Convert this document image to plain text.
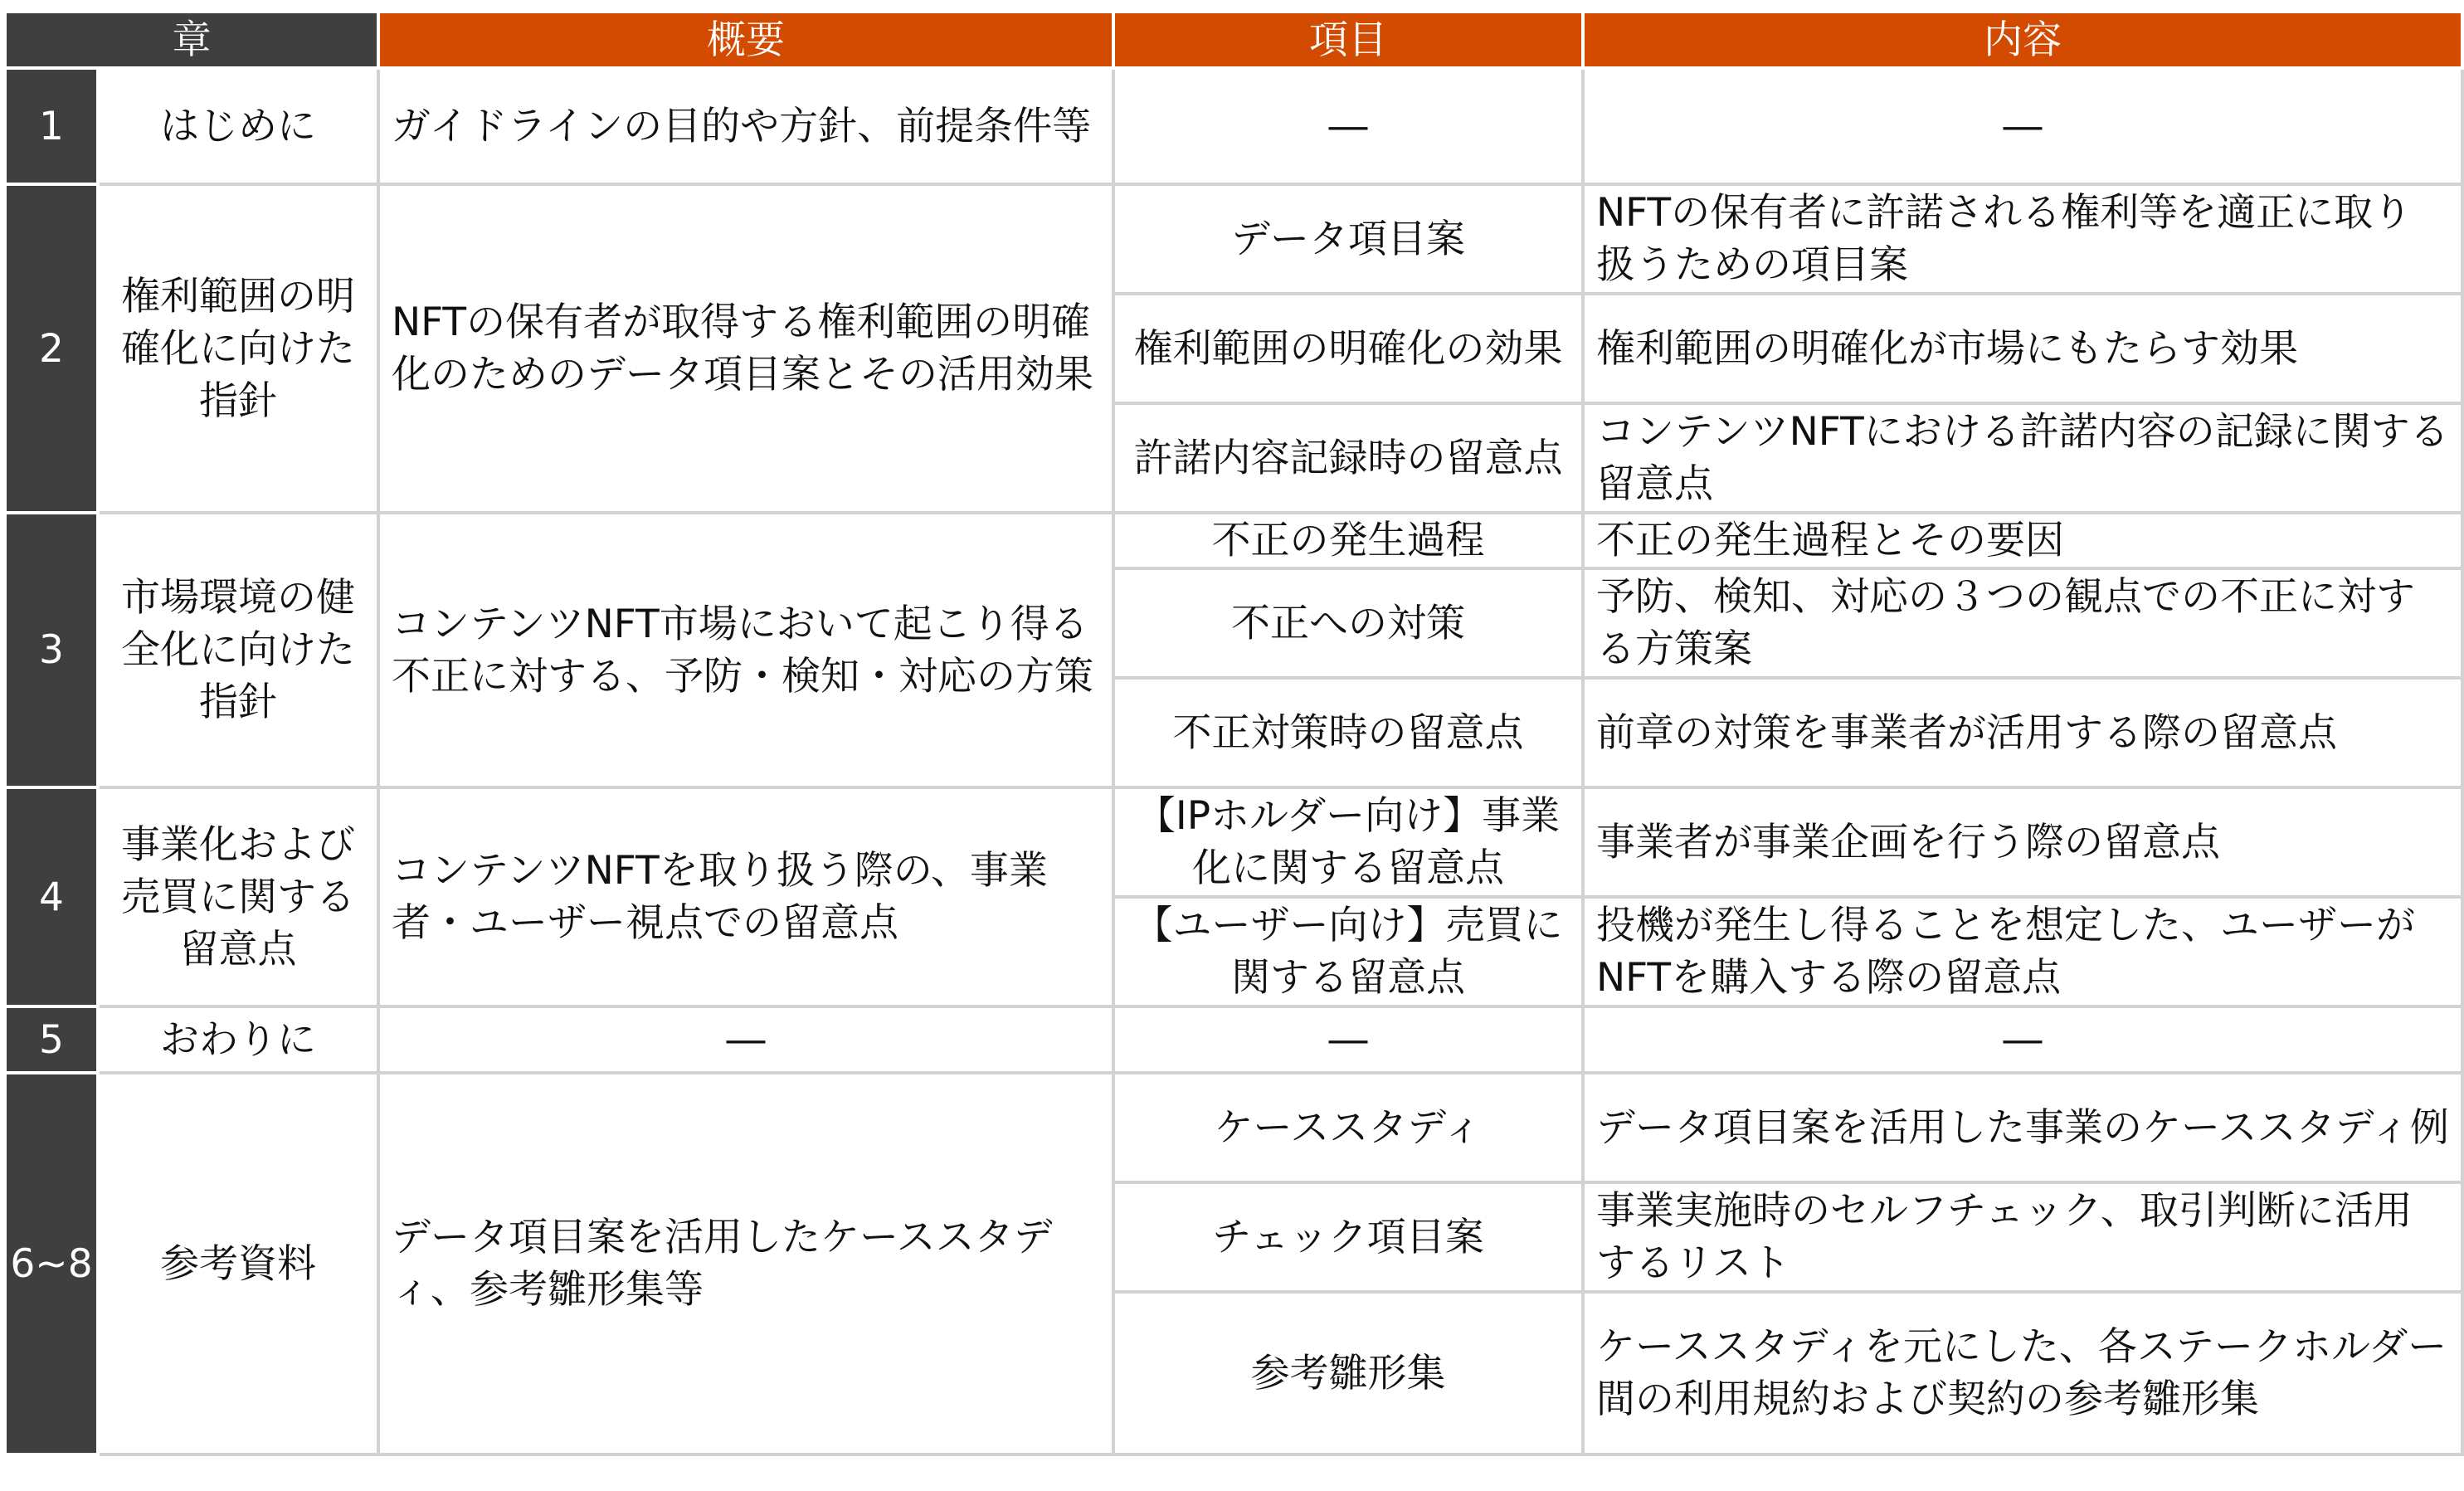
章		概要	項目	内容
1	はじめに	ガイドラインの目的や方針、前提条件等	―	―
2	権利範囲の明確化に向けた指針	NFTの保有者が取得する権利範囲の明確化のためのデータ項目案とその活用効果	データ項目案	NFTの保有者に許諾される権利等を適正に取り扱うための項目案
			権利範囲の明確化の効果	権利範囲の明確化が市場にもたらす効果
			許諾内容記録時の留意点	コンテンツNFTにおける許諾内容の記録に関する留意点
3	市場環境の健全化に向けた指針	コンテンツNFT市場において起こり得る不正に対する、予防・検知・対応の方策	不正の発生過程	不正の発生過程とその要因
			不正への対策	予防、検知、対応の３つの観点での不正に対する方策案
			不正対策時の留意点	前章の対策を事業者が活用する際の留意点
4	事業化および売買に関する留意点	コンテンツNFTを取り扱う際の、事業者・ユーザー視点での留意点	【IPホルダー向け】事業化に関する留意点	事業者が事業企画を行う際の留意点
			【ユーザー向け】売買に関する留意点	投機が発生し得ることを想定した、ユーザーがNFTを購入する際の留意点
5	おわりに	―	―	―
6~8	参考資料	データ項目案を活用したケーススタディ、参考雛形集等	ケーススタディ	データ項目案を活用した事業のケーススタディ例
			チェック項目案	事業実施時のセルフチェック、取引判断に活用するリスト
			参考雛形集	ケーススタディを元にした、各ステークホルダー間の利用規約および契約の参考雛形集
